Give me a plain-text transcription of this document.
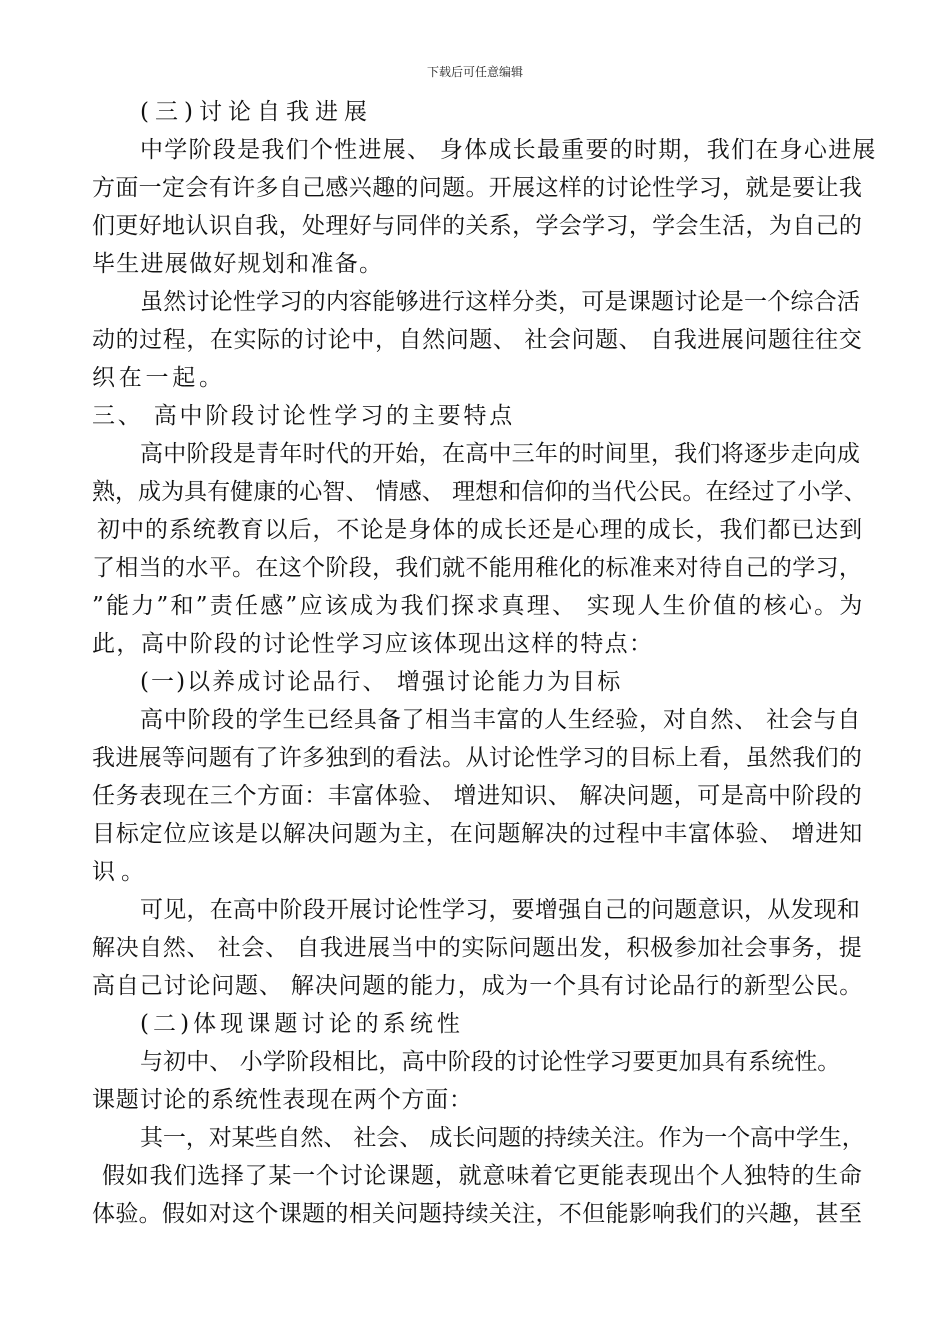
下载后可任意编辑
(三)讨论自我进展
中学阶段是我们个性进展、 身体成长最重要的时期，我们在身心进展
方面一定会有许多自己感兴趣的问题。开展这样的讨论性学习，就是要让我
们更好地认识自我，处理好与同伴的关系，学会学习，学会生活，为自己的
毕生进展做好规划和准备。
虽然讨论性学习的内容能够进行这样分类，可是课题讨论是一个综合活
动的过程，在实际的讨论中，自然问题、 社会问题、 自我进展问题往往交
织在一起。
三、 高中阶段讨论性学习的主要特点
高中阶段是青年时代的开始，在高中三年的时间里，我们将逐步走向成
熟，成为具有健康的心智、 情感、 理想和信仰的当代公民。在经过了小学、
初中的系统教育以后，不论是身体的成长还是心理的成长，我们都已达到
了相当的水平。在这个阶段，我们就不能用稚化的标准来对待自己的学习，
”能力”和”责任感”应该成为我们探求真理、 实现人生价值的核心。为
此，高中阶段的讨论性学习应该体现出这样的特点：
(一)以养成讨论品行、 增强讨论能力为目标
高中阶段的学生已经具备了相当丰富的人生经验，对自然、 社会与自
我进展等问题有了许多独到的看法。从讨论性学习的目标上看，虽然我们的
任务表现在三个方面：丰富体验、 增进知识、 解决问题，可是高中阶段的
目标定位应该是以解决问题为主，在问题解决的过程中丰富体验、 增进知
识。
可见，在高中阶段开展讨论性学习，要增强自己的问题意识，从发现和
解决自然、 社会、 自我进展当中的实际问题出发，积极参加社会事务，提
高自己讨论问题、 解决问题的能力，成为一个具有讨论品行的新型公民。
(二)体现课题讨论的系统性
与初中、 小学阶段相比，高中阶段的讨论性学习要更加具有系统性。
课题讨论的系统性表现在两个方面：
其一，对某些自然、 社会、 成长问题的持续关注。作为一个高中学生，
假如我们选择了某一个讨论课题，就意味着它更能表现出个人独特的生命
体验。假如对这个课题的相关问题持续关注，不但能影响我们的兴趣，甚至
